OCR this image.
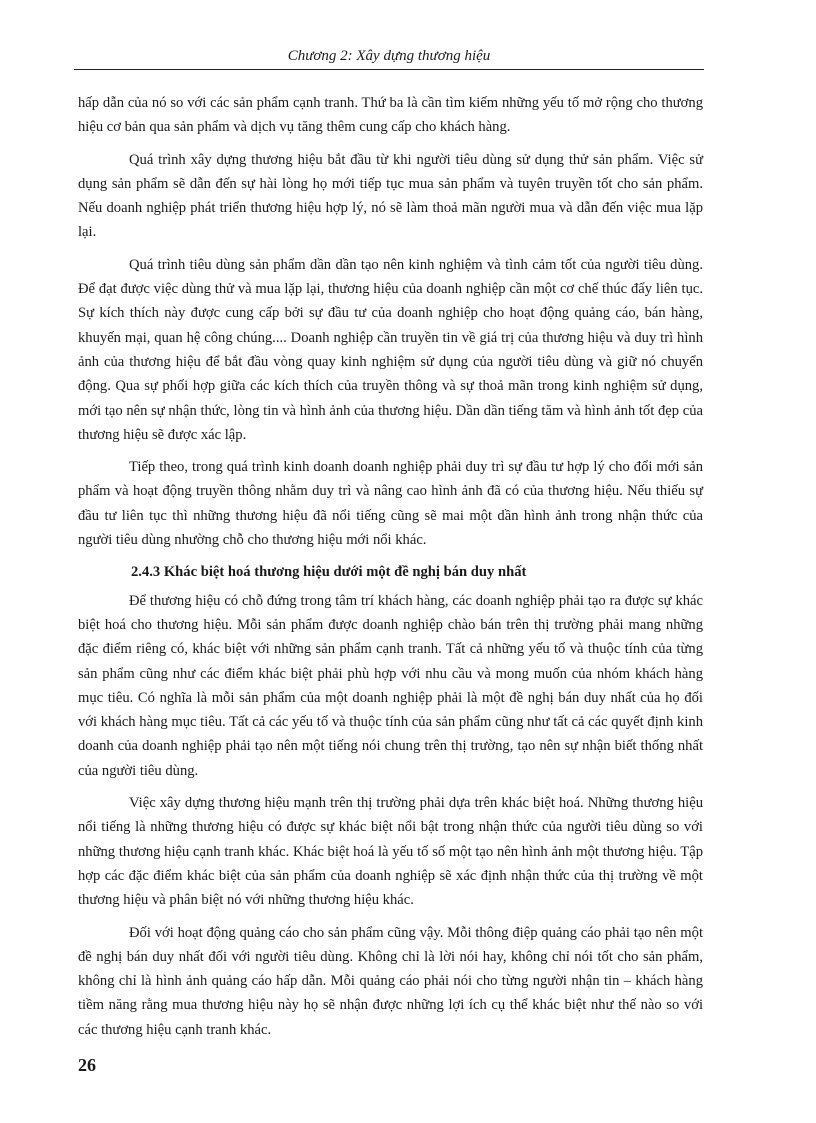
Chương 2: Xây dựng thương hiệu

hấp dẫn của nó so với các sản phẩm cạnh tranh. Thứ ba là cần tìm kiếm những yếu tố mở rộng cho thương hiệu cơ bản qua sản phẩm và dịch vụ tăng thêm cung cấp cho khách hàng.

Quá trình xây dựng thương hiệu bắt đầu từ khi người tiêu dùng sử dụng thử sản phẩm. Việc sử dụng sản phẩm sẽ dẫn đến sự hài lòng họ mới tiếp tục mua sản phẩm và tuyên truyền tốt cho sản phẩm. Nếu doanh nghiệp phát triển thương hiệu hợp lý, nó sẽ làm thoả mãn người mua và dẫn đến việc mua lặp lại.

Quá trình tiêu dùng sản phẩm dần dần tạo nên kinh nghiệm và tình cảm tốt của người tiêu dùng. Để đạt được việc dùng thử và mua lặp lại, thương hiệu của doanh nghiệp cần một cơ chế thúc đẩy liên tục. Sự kích thích này được cung cấp bởi sự đầu tư của doanh nghiệp cho hoạt động quảng cáo, bán hàng, khuyến mại, quan hệ công chúng.... Doanh nghiệp cần truyền tin về giá trị của thương hiệu và duy trì hình ảnh của thương hiệu để bắt đầu vòng quay kinh nghiệm sử dụng của người tiêu dùng và giữ nó chuyển động. Qua sự phối hợp giữa các kích thích của truyền thông và sự thoả mãn trong kinh nghiệm sử dụng, mới tạo nên sự nhận thức, lòng tin và hình ảnh của thương hiệu. Dần dần tiếng tăm và hình ảnh tốt đẹp của thương hiệu sẽ được xác lập.

Tiếp theo, trong quá trình kinh doanh doanh nghiệp phải duy trì sự đầu tư hợp lý cho đổi mới sản phẩm và hoạt động truyền thông nhằm duy trì và nâng cao hình ảnh đã có của thương hiệu. Nếu thiếu sự đầu tư liên tục thì những thương hiệu đã nổi tiếng cũng sẽ mai một dần hình ảnh trong nhận thức của người tiêu dùng nhường chỗ cho thương hiệu mới nổi khác.

2.4.3 Khác biệt hoá thương hiệu dưới một đề nghị bán duy nhất

Để thương hiệu có chỗ đứng trong tâm trí khách hàng, các doanh nghiệp phải tạo ra được sự khác biệt hoá cho thương hiệu. Mỗi sản phẩm được doanh nghiệp chào bán trên thị trường phải mang những đặc điểm riêng có, khác biệt với những sản phẩm cạnh tranh. Tất cả những yếu tố và thuộc tính của từng sản phẩm cũng như các điểm khác biệt phải phù hợp với nhu cầu và mong muốn của nhóm khách hàng mục tiêu. Có nghĩa là mỗi sản phẩm của một doanh nghiệp phải là một đề nghị bán duy nhất của họ đối với khách hàng mục tiêu. Tất cả các yếu tố và thuộc tính của sản phẩm cũng như tất cả các quyết định kinh doanh của doanh nghiệp phải tạo nên một tiếng nói chung trên thị trường, tạo nên sự nhận biết thống nhất của người tiêu dùng.

Việc xây dựng thương hiệu mạnh trên thị trường phải dựa trên khác biệt hoá. Những thương hiệu nổi tiếng là những thương hiệu có được sự khác biệt nổi bật trong nhận thức của người tiêu dùng so với những thương hiệu cạnh tranh khác. Khác biệt hoá là yếu tố số một tạo nên hình ảnh một thương hiệu. Tập hợp các đặc điểm khác biệt của sản phẩm của doanh nghiệp sẽ xác định nhận thức của thị trường về một thương hiệu và phân biệt nó với những thương hiệu khác.

Đối với hoạt động quảng cáo cho sản phẩm cũng vậy. Mỗi thông điệp quảng cáo phải tạo nên một đề nghị bán duy nhất đối với người tiêu dùng. Không chỉ là lời nói hay, không chỉ nói tốt cho sản phẩm, không chỉ là hình ảnh quảng cáo hấp dẫn. Mỗi quảng cáo phải nói cho từng người nhận tin – khách hàng tiềm năng rằng mua thương hiệu này họ sẽ nhận được những lợi ích cụ thể khác biệt như thế nào so với các thương hiệu cạnh tranh khác.

26
